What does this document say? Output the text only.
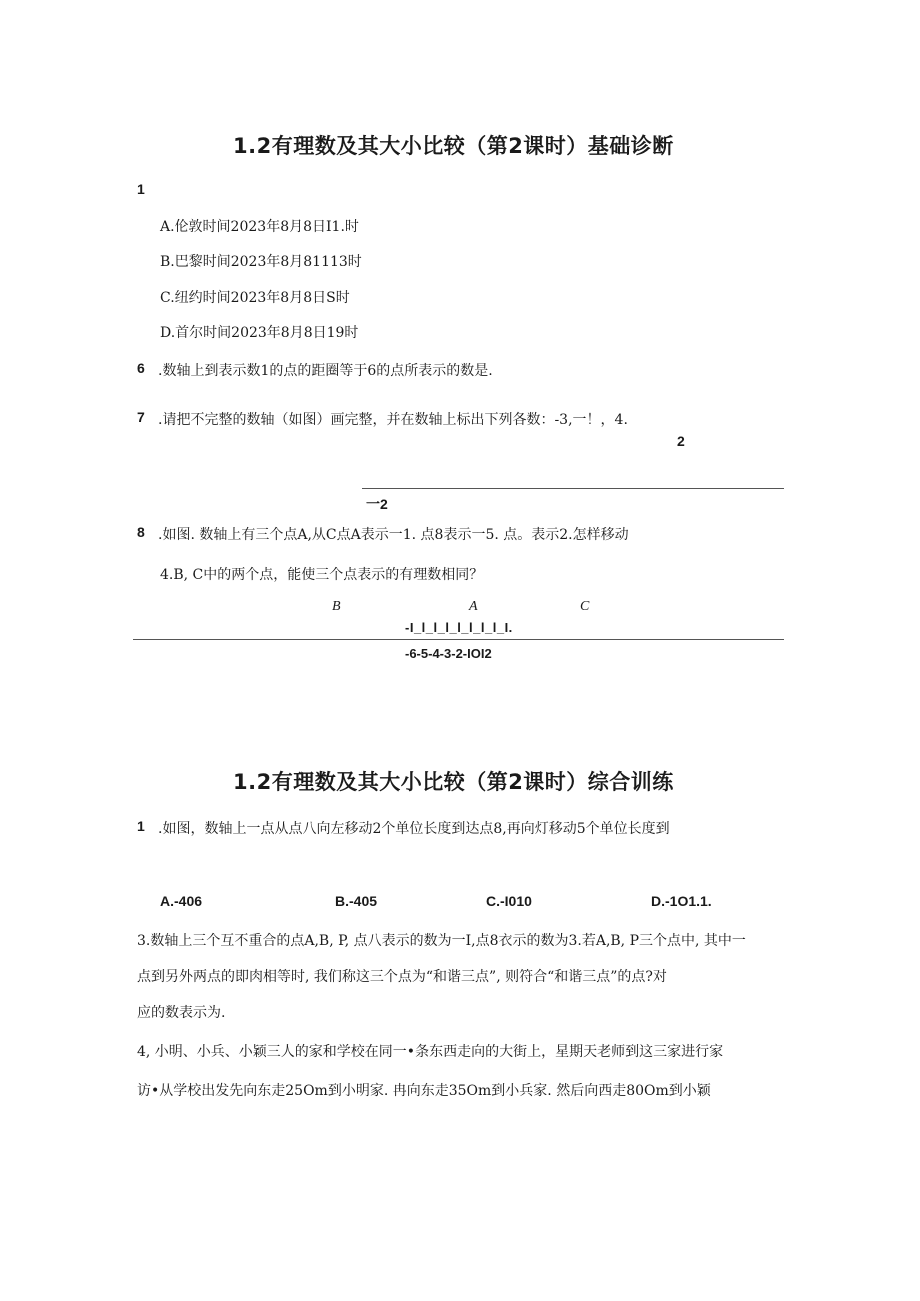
1.2有理数及其大小比较（第2课时）基础诊断
1
A.伦敦时间2023年8月8日I1.时
B.巴黎时间2023年8月81113时
C.纽约时间2023年8月8日S时
D.首尔时间2023年8月8日19时
6 .数轴上到表示数1的点的距圈等于6的点所表示的数是.
7 .请把不完整的数轴（如图）画完整，并在数轴上标出下列各数：-3,一！，4.
2
一2
8 .如图. 数轴上有三个点A,从C点A表示一1. 点8表示一5. 点。表示2.怎样移动
4.B, C中的两个点，能使三个点表示的有理数相同？
B	A	C
-I_l_l_l_l_l_l_l_I.
-6-5-4-3-2-IOI2
1.2有理数及其大小比较（第2课时）综合训练
1 .如图，数轴上一点从点八向左移动2个单位长度到达点8,再向灯移动5个单位长度到
A.-406	B.-405	C.-I010	D.-1O1.1.
3.数轴上三个互不重合的点A,B, P, 点八表示的数为一I,点8衣示的数为3.若A,B, P三个点中, 其中一
点到另外两点的即肉相等时, 我们称这三个点为“和谐三点”, 则符合“和谐三点”的点?对
应的数表示为.
4, 小明、小兵、小颖三人的家和学校在同一•条东西走向的大街上，星期天老师到这三家进行家
访•从学校出发先向东走25Om到小明家. 冉向东走35Om到小兵家. 然后向西走80Om到小颖
